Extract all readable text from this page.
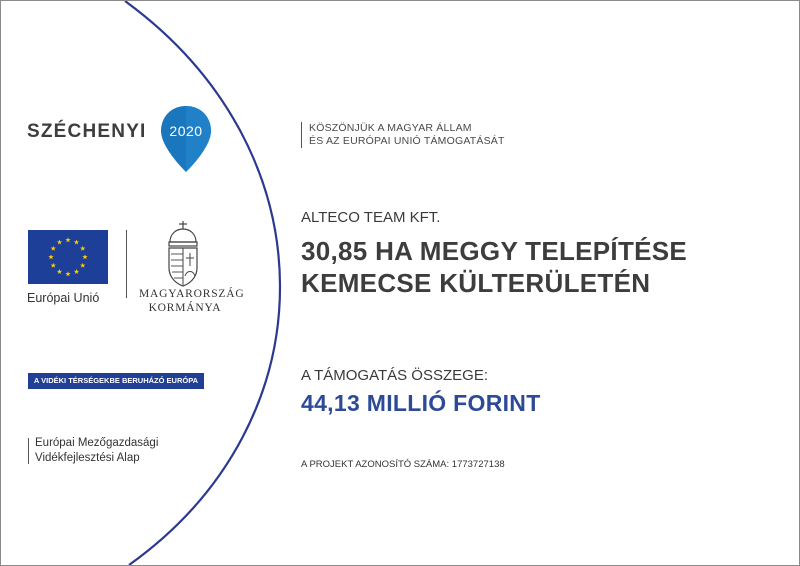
SZÉCHENYI	2020	KÖSZÖNJÜK A MAGYAR ÁLLAM
ÉS AZ EURÓPAI UNIÓ TÁMOGATÁSÁT
Európai Unió	MAGYARORSZÁG
KORMÁNYA
A VIDÉKI TÉRSÉGEKBE BERUHÁZÓ EURÓPA
Európai Mezőgazdasági
Vidékfejlesztési Alap
ALTECO TEAM KFT.
30,85 HA MEGGY TELEPÍTÉSE
KEMECSE KÜLTERÜLETÉN
A TÁMOGATÁS ÖSSZEGE:
44,13 MILLIÓ FORINT
A PROJEKT AZONOSÍTÓ SZÁMA: 1773727138
